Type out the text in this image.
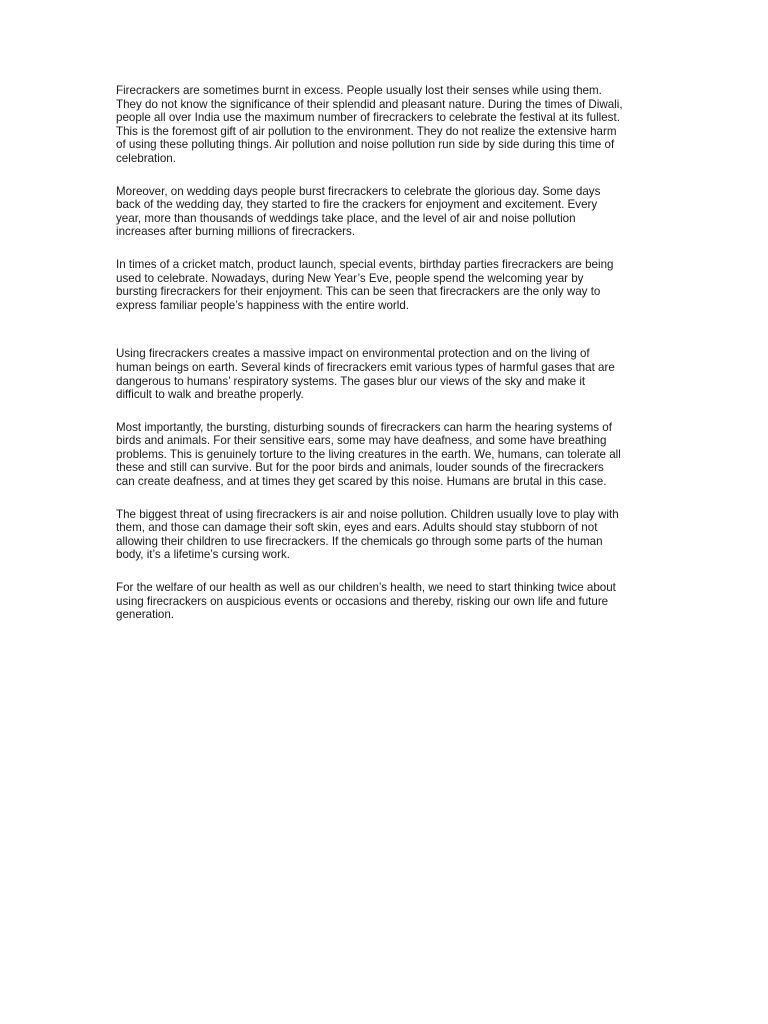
Firecrackers are sometimes burnt in excess. People usually lost their senses while using them.
They do not know the significance of their splendid and pleasant nature. During the times of Diwali,
people all over India use the maximum number of firecrackers to celebrate the festival at its fullest.
This is the foremost gift of air pollution to the environment. They do not realize the extensive harm
of using these polluting things. Air pollution and noise pollution run side by side during this time of
celebration.

Moreover, on wedding days people burst firecrackers to celebrate the glorious day. Some days
back of the wedding day, they started to fire the crackers for enjoyment and excitement. Every
year, more than thousands of weddings take place, and the level of air and noise pollution
increases after burning millions of firecrackers.

In times of a cricket match, product launch, special events, birthday parties firecrackers are being
used to celebrate. Nowadays, during New Year’s Eve, people spend the welcoming year by
bursting firecrackers for their enjoyment. This can be seen that firecrackers are the only way to
express familiar people’s happiness with the entire world.

Using firecrackers creates a massive impact on environmental protection and on the living of
human beings on earth. Several kinds of firecrackers emit various types of harmful gases that are
dangerous to humans’ respiratory systems. The gases blur our views of the sky and make it
difficult to walk and breathe properly.

Most importantly, the bursting, disturbing sounds of firecrackers can harm the hearing systems of
birds and animals. For their sensitive ears, some may have deafness, and some have breathing
problems. This is genuinely torture to the living creatures in the earth. We, humans, can tolerate all
these and still can survive. But for the poor birds and animals, louder sounds of the firecrackers
can create deafness, and at times they get scared by this noise. Humans are brutal in this case.

The biggest threat of using firecrackers is air and noise pollution. Children usually love to play with
them, and those can damage their soft skin, eyes and ears. Adults should stay stubborn of not
allowing their children to use firecrackers. If the chemicals go through some parts of the human
body, it’s a lifetime’s cursing work.

For the welfare of our health as well as our children’s health, we need to start thinking twice about
using firecrackers on auspicious events or occasions and thereby, risking our own life and future
generation.
